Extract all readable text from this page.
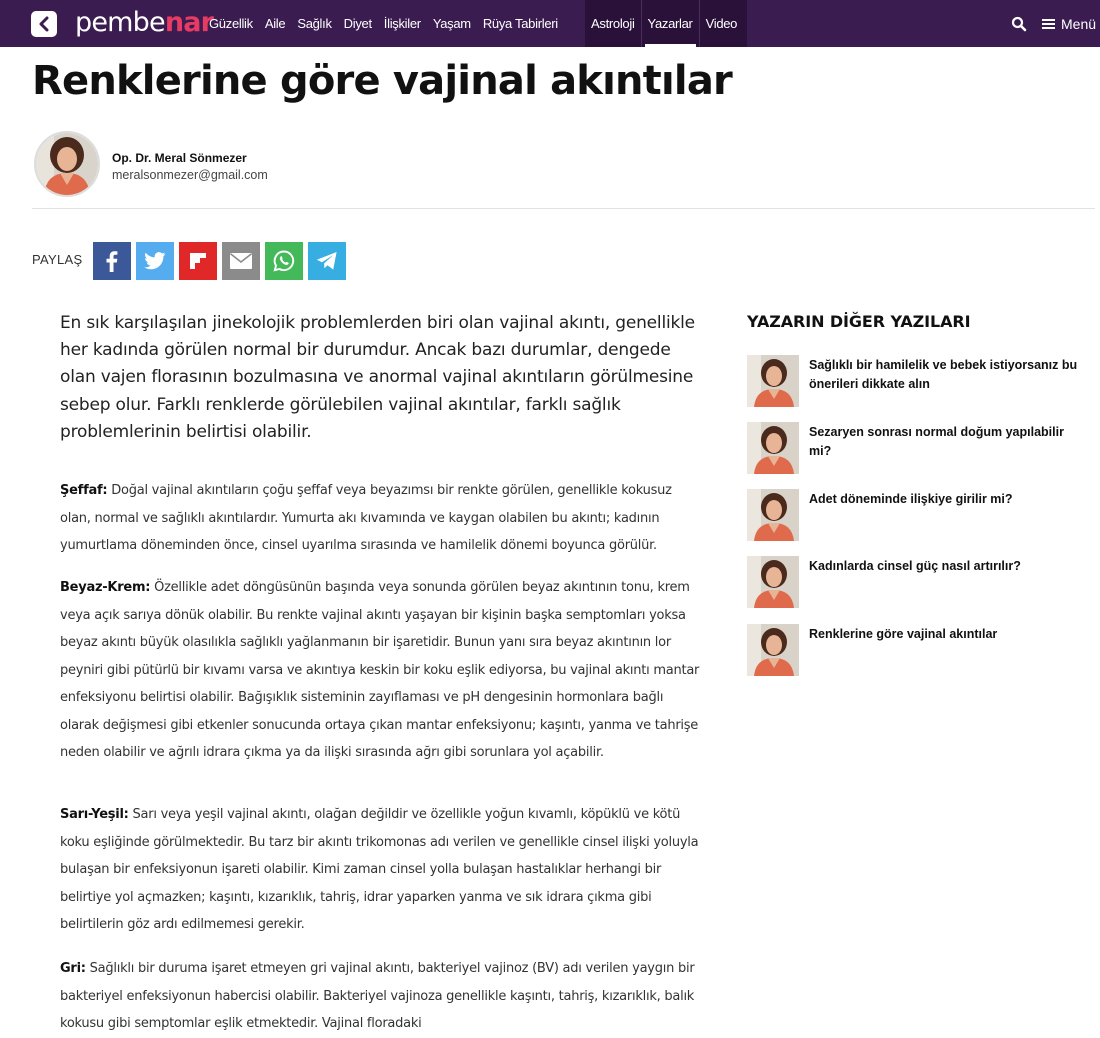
pembenar
Güzellik Aile Sağlık Diyet İlişkiler Yaşam Rüya Tabirleri	Astroloji	Yazarlar	Video	Menü
Renklerine göre vajinal akıntılar
Op. Dr. Meral Sönmezer
meralsonmezer@gmail.com
PAYLAŞ

En sık karşılaşılan jinekolojik problemlerden biri olan vajinal akıntı, genellikle her kadında görülen normal bir durumdur. Ancak bazı durumlar, dengede olan vajen florasının bozulmasına ve anormal vajinal akıntıların görülmesine sebep olur. Farklı renklerde görülebilen vajinal akıntılar, farklı sağlık problemlerinin belirtisi olabilir.

Şeffaf: Doğal vajinal akıntıların çoğu şeffaf veya beyazımsı bir renkte görülen, genellikle kokusuz olan, normal ve sağlıklı akıntılardır. Yumurta akı kıvamında ve kaygan olabilen bu akıntı; kadının yumurtlama döneminden önce, cinsel uyarılma sırasında ve hamilelik dönemi boyunca görülür.

Beyaz-Krem: Özellikle adet döngüsünün başında veya sonunda görülen beyaz akıntının tonu, krem veya açık sarıya dönük olabilir. Bu renkte vajinal akıntı yaşayan bir kişinin başka semptomları yoksa beyaz akıntı büyük olasılıkla sağlıklı yağlanmanın bir işaretidir. Bunun yanı sıra beyaz akıntının lor peyniri gibi pütürlü bir kıvamı varsa ve akıntıya keskin bir koku eşlik ediyorsa, bu vajinal akıntı mantar enfeksiyonu belirtisi olabilir. Bağışıklık sisteminin zayıflaması ve pH dengesinin hormonlara bağlı olarak değişmesi gibi etkenler sonucunda ortaya çıkan mantar enfeksiyonu; kaşıntı, yanma ve tahrişe neden olabilir ve ağrılı idrara çıkma ya da ilişki sırasında ağrı gibi sorunlara yol açabilir.

Sarı-Yeşil: Sarı veya yeşil vajinal akıntı, olağan değildir ve özellikle yoğun kıvamlı, köpüklü ve kötü koku eşliğinde görülmektedir. Bu tarz bir akıntı trikomonas adı verilen ve genellikle cinsel ilişki yoluyla bulaşan bir enfeksiyonun işareti olabilir. Kimi zaman cinsel yolla bulaşan hastalıklar herhangi bir belirtiye yol açmazken; kaşıntı, kızarıklık, tahriş, idrar yaparken yanma ve sık idrara çıkma gibi belirtilerin göz ardı edilmemesi gerekir.

Gri: Sağlıklı bir duruma işaret etmeyen gri vajinal akıntı, bakteriyel vajinoz (BV) adı verilen yaygın bir bakteriyel enfeksiyonun habercisi olabilir. Bakteriyel vajinoza genellikle kaşıntı, tahriş, kızarıklık, balık kokusu gibi semptomlar eşlik etmektedir. Vajinal floradaki

YAZARIN DİĞER YAZILARI
Sağlıklı bir hamilelik ve bebek istiyorsanız bu önerileri dikkate alın
Sezaryen sonrası normal doğum yapılabilir mi?
Adet döneminde ilişkiye girilir mi?
Kadınlarda cinsel güç nasıl artırılır?
Renklerine göre vajinal akıntılar
